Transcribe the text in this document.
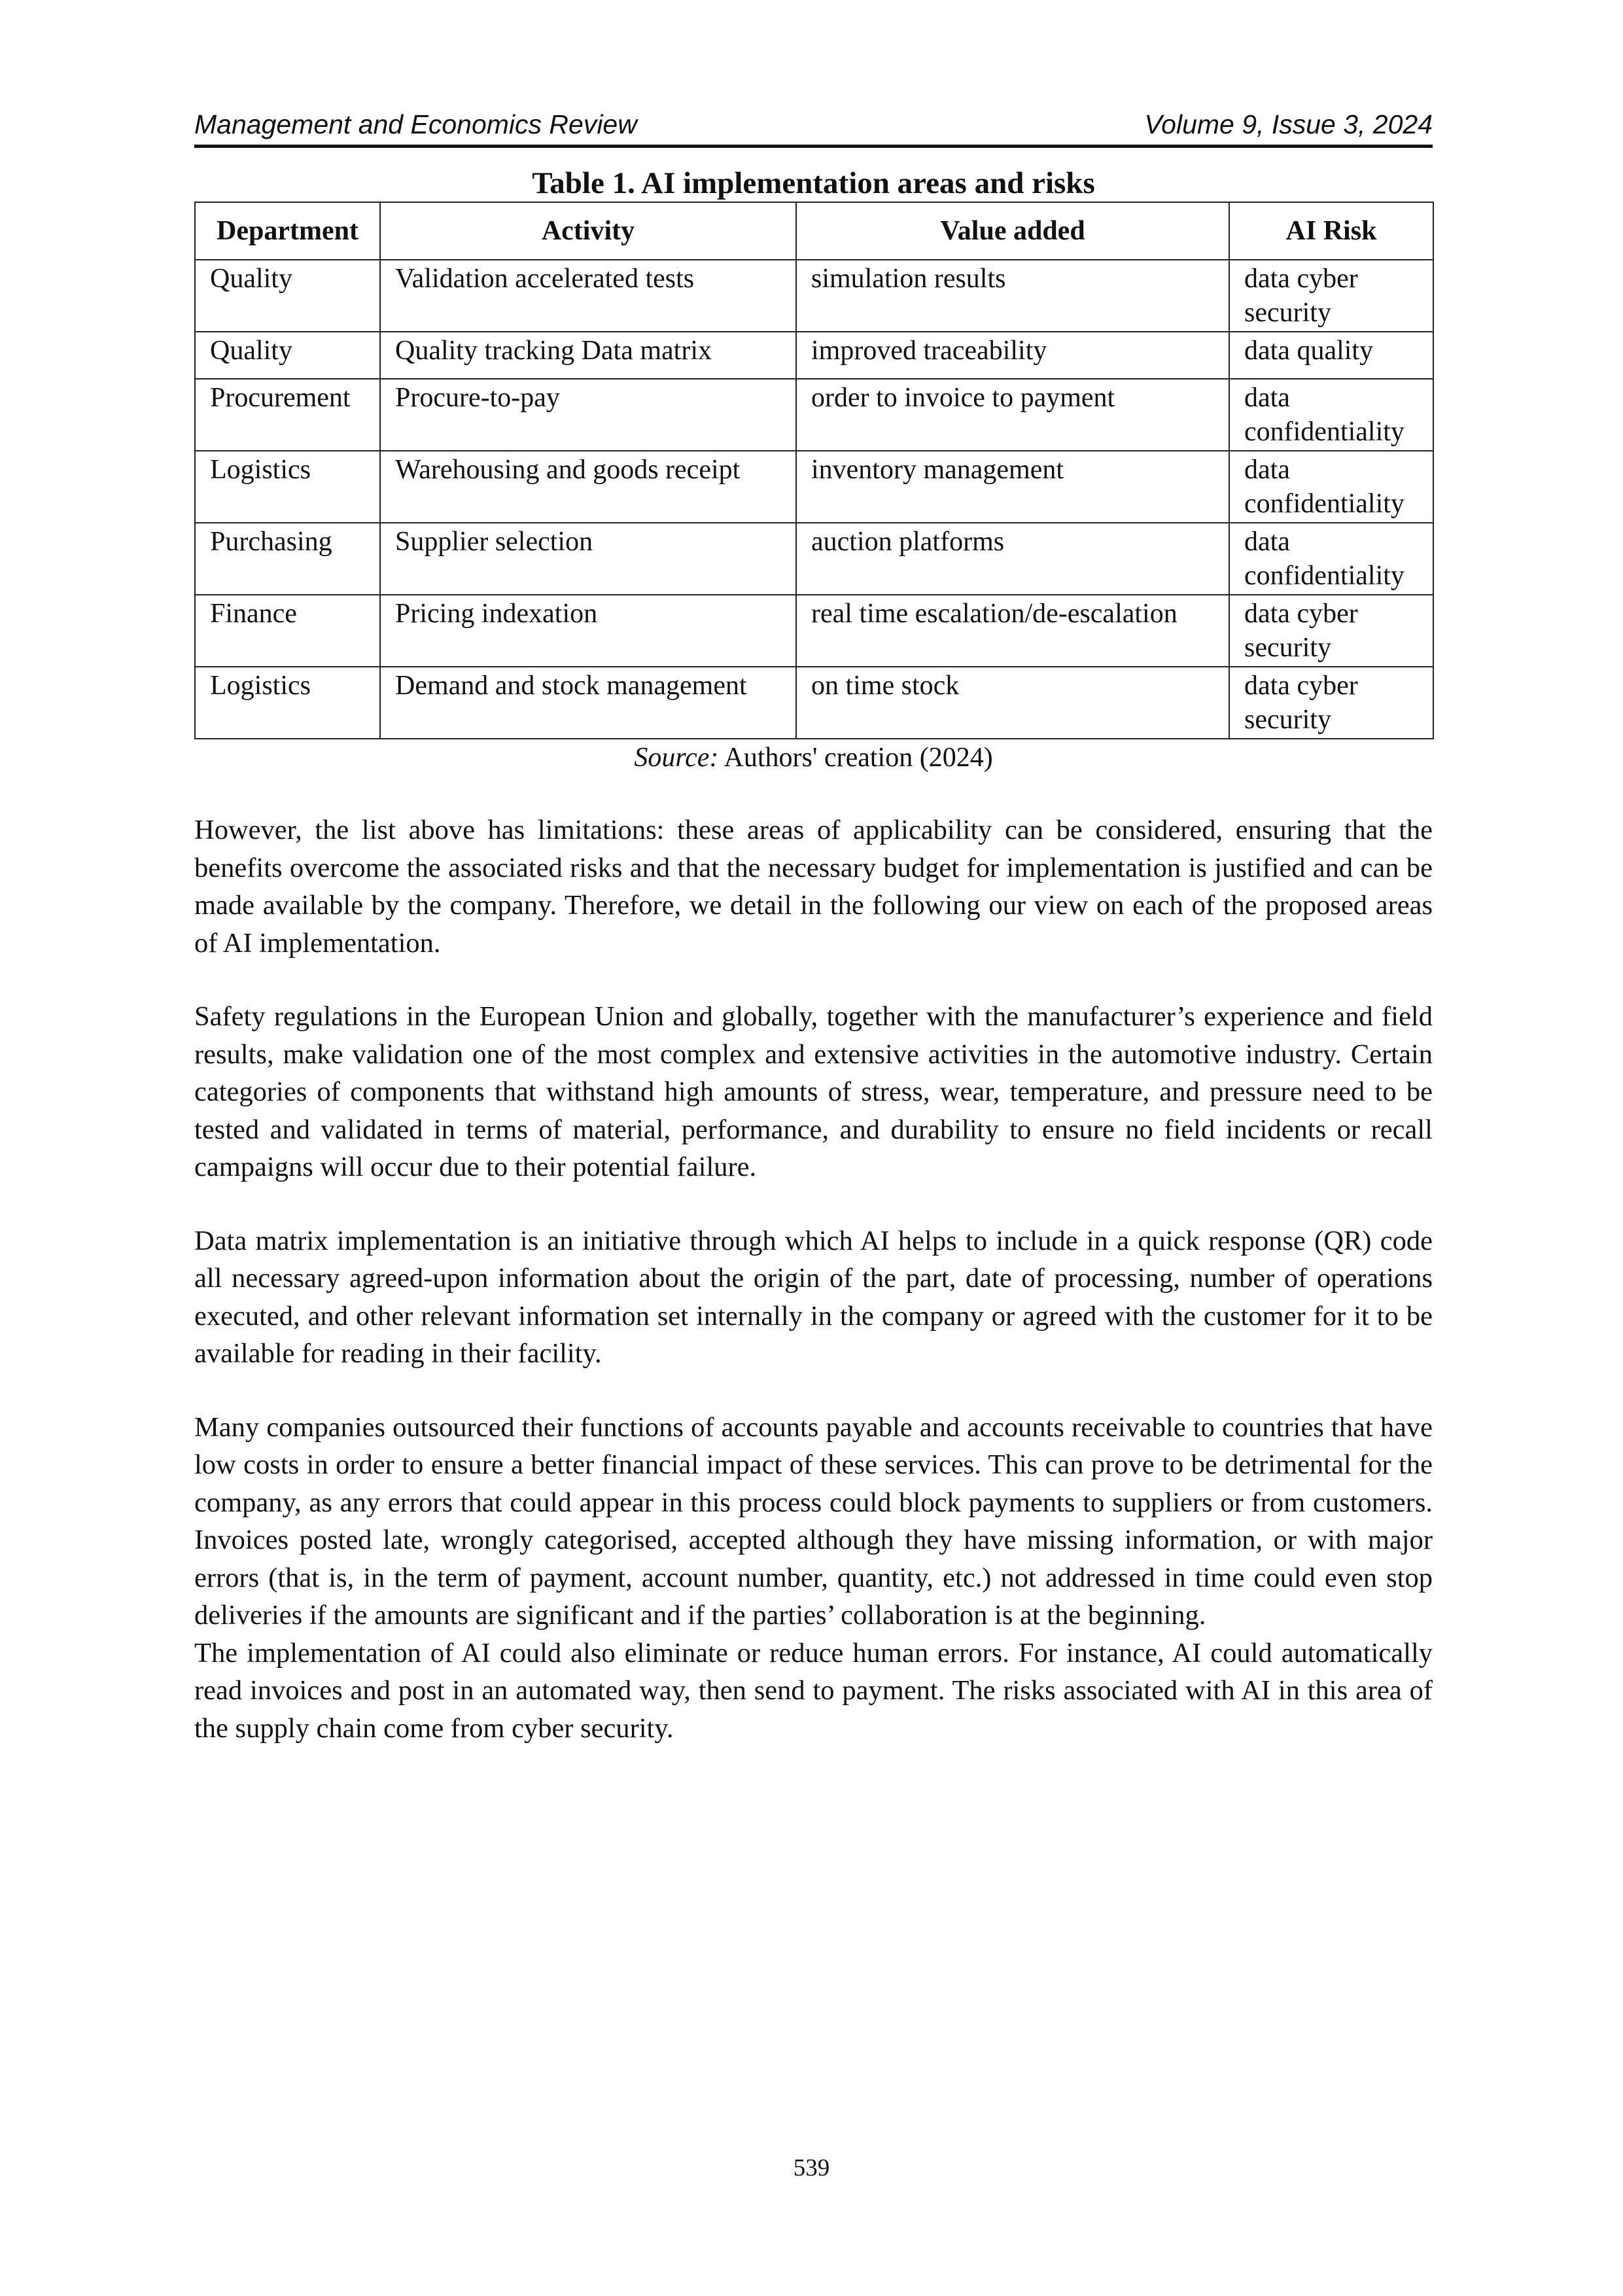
Management and Economics Review	Volume 9, Issue 3, 2024
Table 1. AI implementation areas and risks
Department	Activity	Value added	AI Risk
Quality	Validation accelerated tests	simulation results	data cyber security
Quality	Quality tracking Data matrix	improved traceability	data quality
Procurement	Procure-to-pay	order to invoice to payment	data confidentiality
Logistics	Warehousing and goods receipt	inventory management	data confidentiality
Purchasing	Supplier selection	auction platforms	data confidentiality
Finance	Pricing indexation	real time escalation/de-escalation	data cyber security
Logistics	Demand and stock management	on time stock	data cyber security
Source: Authors' creation (2024)

However, the list above has limitations: these areas of applicability can be considered, ensuring that the benefits overcome the associated risks and that the necessary budget for implementation is justified and can be made available by the company. Therefore, we detail in the following our view on each of the proposed areas of AI implementation.

Safety regulations in the European Union and globally, together with the manufacturer’s experience and field results, make validation one of the most complex and extensive activities in the automotive industry. Certain categories of components that withstand high amounts of stress, wear, temperature, and pressure need to be tested and validated in terms of material, performance, and durability to ensure no field incidents or recall campaigns will occur due to their potential failure.

Data matrix implementation is an initiative through which AI helps to include in a quick response (QR) code all necessary agreed-upon information about the origin of the part, date of processing, number of operations executed, and other relevant information set internally in the company or agreed with the customer for it to be available for reading in their facility.

Many companies outsourced their functions of accounts payable and accounts receivable to countries that have low costs in order to ensure a better financial impact of these services. This can prove to be detrimental for the company, as any errors that could appear in this process could block payments to suppliers or from customers. Invoices posted late, wrongly categorised, accepted although they have missing information, or with major errors (that is, in the term of payment, account number, quantity, etc.) not addressed in time could even stop deliveries if the amounts are significant and if the parties’ collaboration is at the beginning.

The implementation of AI could also eliminate or reduce human errors. For instance, AI could automatically read invoices and post in an automated way, then send to payment. The risks associated with AI in this area of the supply chain come from cyber security.

539
